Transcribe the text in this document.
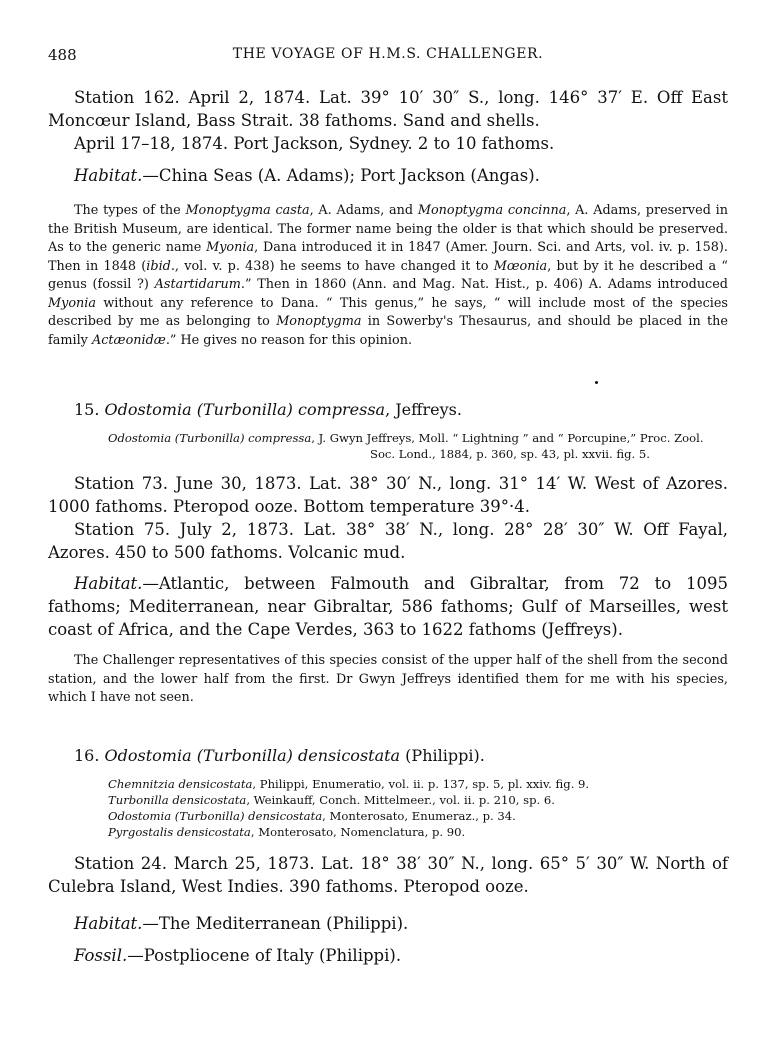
488	THE VOYAGE OF H.M.S. CHALLENGER.

Station 162. April 2, 1874. Lat. 39° 10′ 30″ S., long. 146° 37′ E. Off East Moncœur Island, Bass Strait. 38 fathoms. Sand and shells.

April 17–18, 1874. Port Jackson, Sydney. 2 to 10 fathoms.

Habitat.—China Seas (A. Adams); Port Jackson (Angas).

The types of the Monoptygma casta, A. Adams, and Monoptygma concinna, A. Adams, preserved in the British Museum, are identical. The former name being the older is that which should be preserved. As to the generic name Myonia, Dana introduced it in 1847 (Amer. Journ. Sci. and Arts, vol. iv. p. 158). Then in 1848 (ibid., vol. v. p. 438) he seems to have changed it to Mœonia, but by it he described a “ genus (fossil ?) Astartidarum.” Then in 1860 (Ann. and Mag. Nat. Hist., p. 406) A. Adams introduced Myonia without any reference to Dana. “ This genus,” he says, “ will include most of the species described by me as belonging to Monoptygma in Sowerby's Thesaurus, and should be placed in the family Actæonidæ.” He gives no reason for this opinion.

15. Odostomia (Turbonilla) compressa, Jeffreys.

Odostomia (Turbonilla) compressa, J. Gwyn Jeffreys, Moll. “ Lightning ” and “ Porcupine,” Proc. Zool.

Soc. Lond., 1884, p. 360, sp. 43, pl. xxvii. fig. 5.

Station 73. June 30, 1873. Lat. 38° 30′ N., long. 31° 14′ W. West of Azores. 1000 fathoms. Pteropod ooze. Bottom temperature 39°·4.

Station 75. July 2, 1873. Lat. 38° 38′ N., long. 28° 28′ 30″ W. Off Fayal, Azores. 450 to 500 fathoms. Volcanic mud.

Habitat.—Atlantic, between Falmouth and Gibraltar, from 72 to 1095 fathoms; Mediterranean, near Gibraltar, 586 fathoms; Gulf of Marseilles, west coast of Africa, and the Cape Verdes, 363 to 1622 fathoms (Jeffreys).

The Challenger representatives of this species consist of the upper half of the shell from the second station, and the lower half from the first. Dr Gwyn Jeffreys identified them for me with his species, which I have not seen.

16. Odostomia (Turbonilla) densicostata (Philippi).

Chemnitzia densicostata, Philippi, Enumeratio, vol. ii. p. 137, sp. 5, pl. xxiv. fig. 9.

Turbonilla densicostata, Weinkauff, Conch. Mittelmeer., vol. ii. p. 210, sp. 6.

Odostomia (Turbonilla) densicostata, Monterosato, Enumeraz., p. 34.

Pyrgostalis densicostata, Monterosato, Nomenclatura, p. 90.

Station 24. March 25, 1873. Lat. 18° 38′ 30″ N., long. 65° 5′ 30″ W. North of Culebra Island, West Indies. 390 fathoms. Pteropod ooze.

Habitat.—The Mediterranean (Philippi).

Fossil.—Postpliocene of Italy (Philippi).
